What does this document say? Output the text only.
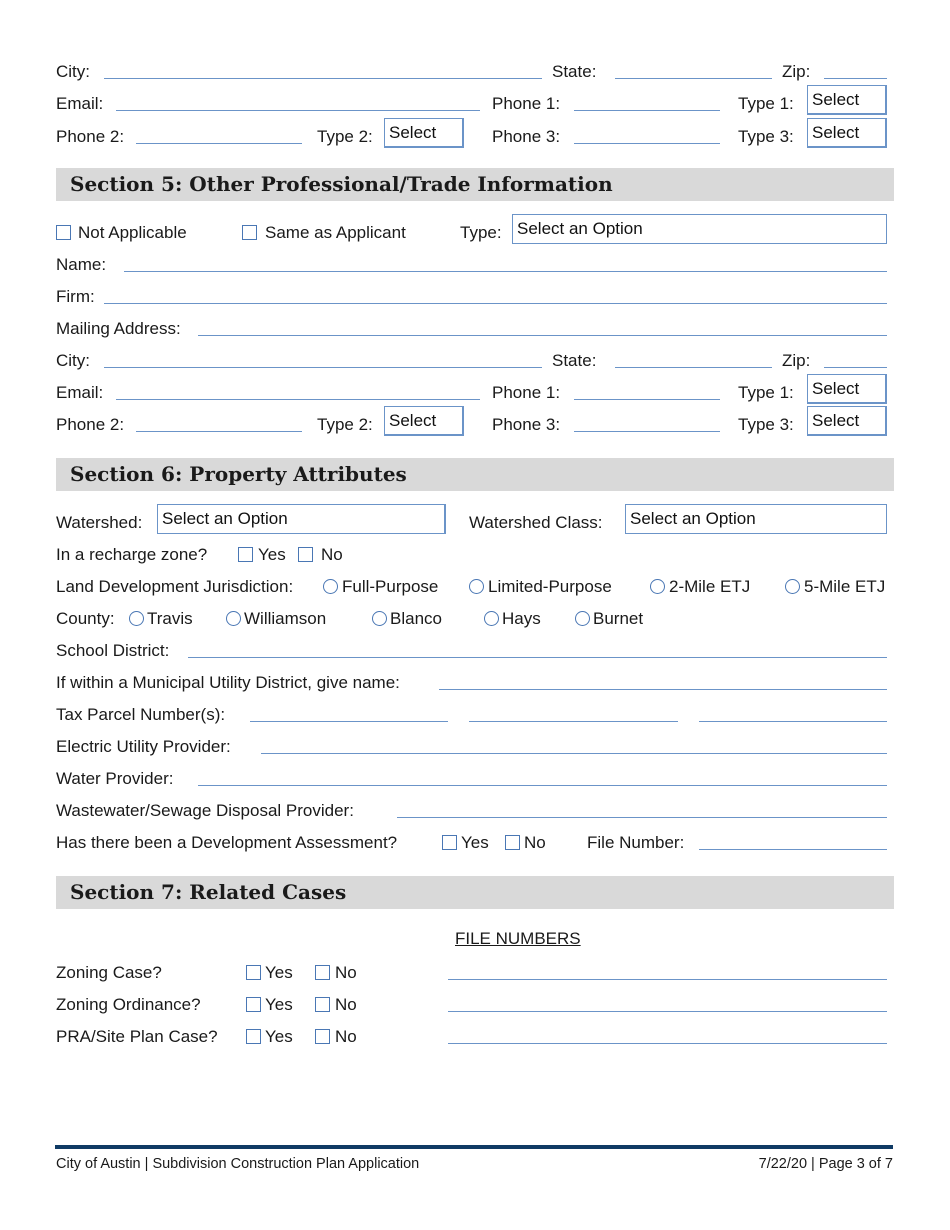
City:	State:	Zip:
Email:	Phone 1:	Type 1: Select
Phone 2:	Type 2: Select	Phone 3:	Type 3: Select
Section 5: Other Professional/Trade Information
Not Applicable	Same as Applicant	Type: Select an Option
Name:
Firm:
Mailing Address:
City:	State:	Zip:
Email:	Phone 1:	Type 1: Select
Phone 2:	Type 2: Select	Phone 3:	Type 3: Select
Section 6: Property Attributes
Watershed: Select an Option	Watershed Class: Select an Option
In a recharge zone?	Yes No
Land Development Jurisdiction:	Full-Purpose	Limited-Purpose	2-Mile ETJ	5-Mile ETJ
County: Travis	Williamson	Blanco	Hays	Burnet
School District:
If within a Municipal Utility District, give name:
Tax Parcel Number(s):
Electric Utility Provider:
Water Provider:
Wastewater/Sewage Disposal Provider:
Has there been a Development Assessment?	Yes No File Number:
Section 7: Related Cases
FILE NUMBERS
Zoning Case?	Yes No
Zoning Ordinance?	Yes No
PRA/Site Plan Case?	Yes No
City of Austin | Subdivision Construction Plan Application	7/22/20 | Page 3 of 7
